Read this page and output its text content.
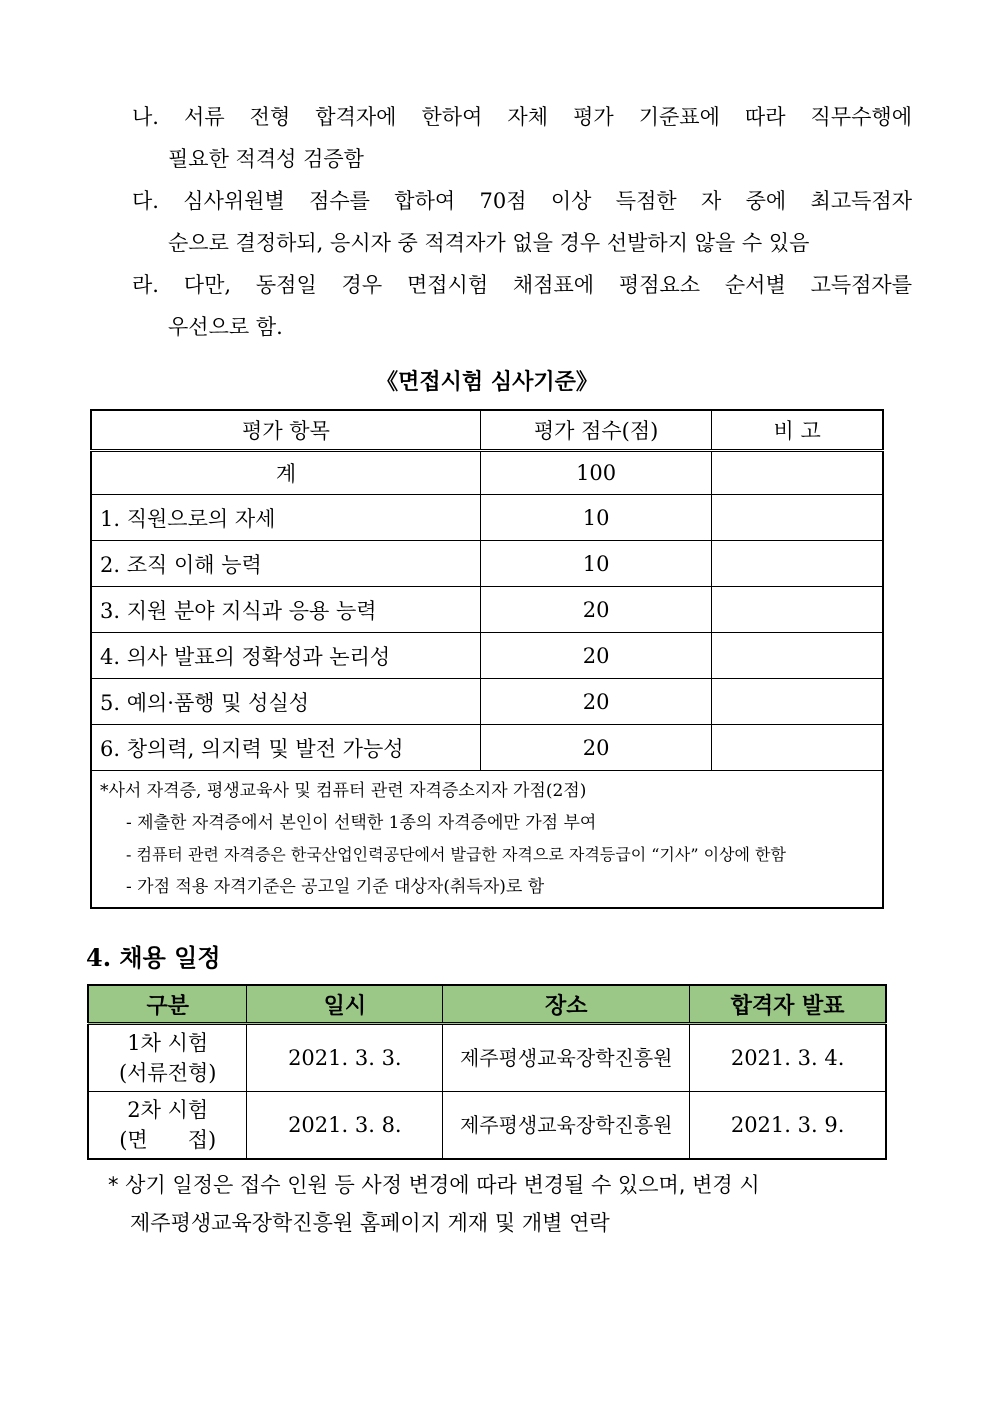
나. 서류 전형 합격자에 한하여 자체 평가 기준표에 따라 직무수행에
필요한 적격성 검증함
다. 심사위원별 점수를 합하여 70점 이상 득점한 자 중에 최고득점자
순으로 결정하되, 응시자 중 적격자가 없을 경우 선발하지 않을 수 있음
라. 다만, 동점일 경우 면접시험 채점표에 평점요소 순서별 고득점자를
우선으로 함.
《면접시험 심사기준》
평가 항목	평가 점수(점)	비 고
계	100	
1. 직원으로의 자세	10	
2. 조직 이해 능력	10	
3. 지원 분야 지식과 응용 능력	20	
4. 의사 발표의 정확성과 논리성	20	
5. 예의·품행 및 성실성	20	
6. 창의력, 의지력 및 발전 가능성	20	

*사서 자격증, 평생교육사 및 컴퓨터 관련 자격증소지자 가점(2점)
- 제출한 자격증에서 본인이 선택한 1종의 자격증에만 가점 부여
- 컴퓨터 관련 자격증은 한국산업인력공단에서 발급한 자격으로 자격등급이 “기사” 이상에 한함
- 가점 적용 자격기준은 공고일 기준 대상자(취득자)로 함		
4. 채용 일정
구분	일시	장소	합격자 발표

1차 시험
(서류전형)	2021. 3. 3.	제주평생교육장학진흥원	2021. 3. 4.

2차 시험
(면      접)	2021. 3. 8.	제주평생교육장학진흥원	2021. 3. 9.
* 상기 일정은 접수 인원 등 사정 변경에 따라 변경될 수 있으며, 변경 시
제주평생교육장학진흥원 홈페이지 게재 및 개별 연락
